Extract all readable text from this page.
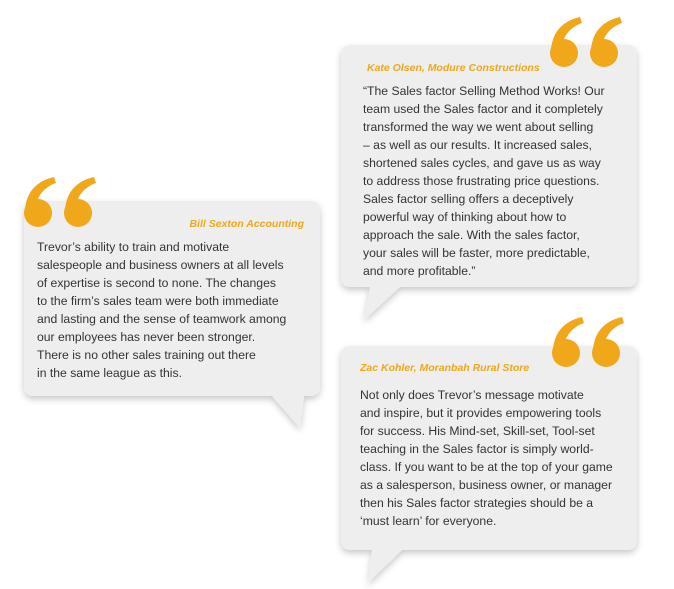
Bill Sexton Accounting
Trevor’s ability to train and motivate
salespeople and business owners at all levels
of expertise is second to none. The changes
to the firm’s sales team were both immediate
and lasting and the sense of teamwork among
our employees has never been stronger.
There is no other sales training out there
in the same league as this.
Kate Olsen, Modure Constructions
“The Sales factor Selling Method Works! Our
team used the Sales factor and it completely
transformed the way we went about selling
– as well as our results. It increased sales,
shortened sales cycles, and gave us as way
to address those frustrating price questions.
Sales factor selling offers a deceptively
powerful way of thinking about how to
approach the sale. With the sales factor,
your sales will be faster, more predictable,
and more profitable.”
Zac Kohler, Moranbah Rural Store
Not only does Trevor’s message motivate
and inspire, but it provides empowering tools
for success. His Mind-set, Skill-set, Tool-set
teaching in the Sales factor is simply world-
class. If you want to be at the top of your game
as a salesperson, business owner, or manager
then his Sales factor strategies should be a
‘must learn’ for everyone.
